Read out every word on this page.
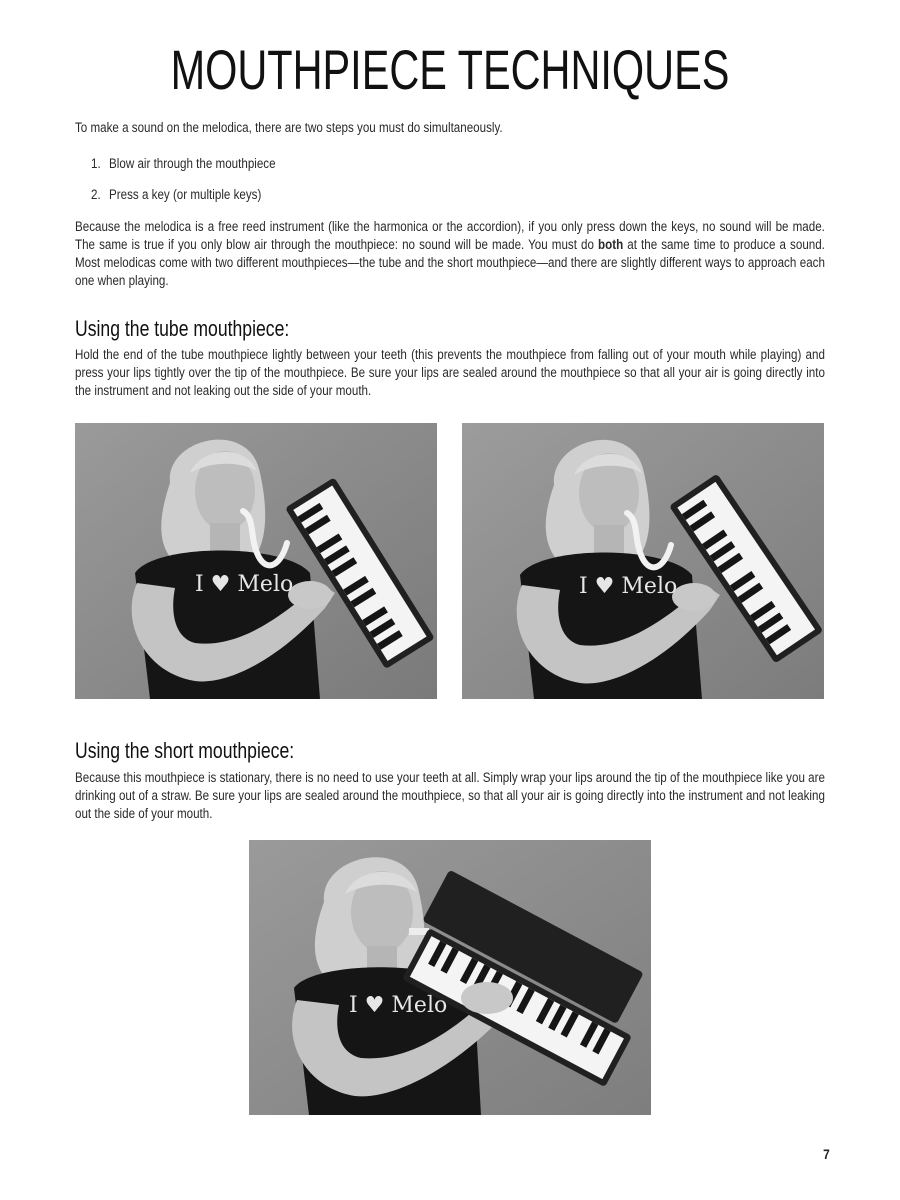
MOUTHPIECE TECHNIQUES

To make a sound on the melodica, there are two steps you must do simultaneously.

1. Blow air through the mouthpiece
2. Press a key (or multiple keys)

Because the melodica is a free reed instrument (like the harmonica or the accordion), if you only press down the keys, no sound will be made. The same is true if you only blow air through the mouthpiece: no sound will be made. You must do both at the same time to produce a sound. Most melodicas come with two different mouthpieces—the tube and the short mouthpiece—and there are slightly different ways to approach each one when playing.

Using the tube mouthpiece:

Hold the end of the tube mouthpiece lightly between your teeth (this prevents the mouthpiece from falling out of your mouth while playing) and press your lips tightly over the tip of the mouthpiece. Be sure your lips are sealed around the mouthpiece so that all your air is going directly into the instrument and not leaking out the side of your mouth.

I ♥ Melo	I ♥ Melo
Using the short mouthpiece:

Because this mouthpiece is stationary, there is no need to use your teeth at all. Simply wrap your lips around the tip of the mouthpiece like you are drinking out of a straw. Be sure your lips are sealed around the mouthpiece, so that all your air is going directly into the instrument and not leaking out the side of your mouth.

I ♥ Melo
7
